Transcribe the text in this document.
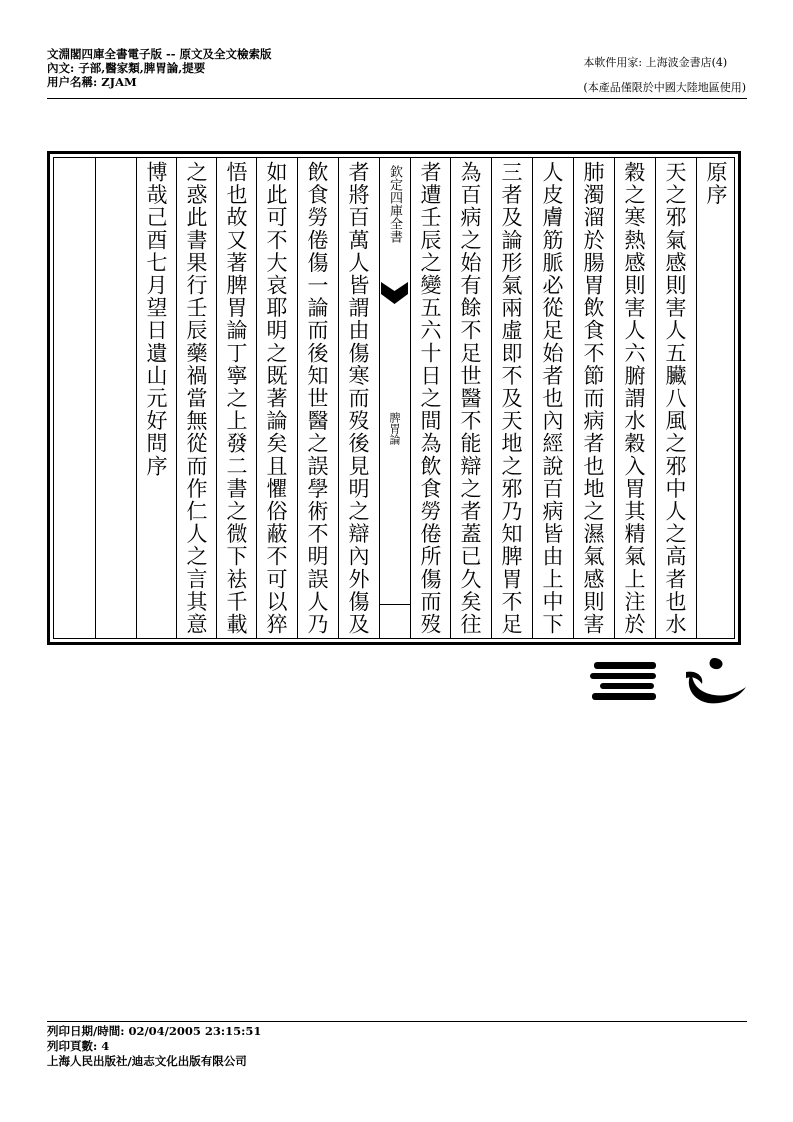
文淵閣四庫全書電子版 -- 原文及全文檢索版
內文: 子部,醫家類,脾胃論,提要
用户名稱: ZJAM
本軟件用家: 上海波金書店(4)
(本產品僅限於中國大陸地區使用)
原序
天之邪氣感則害人五臟八風之邪中人之高者也水
穀之寒熱感則害人六腑謂水穀入胃其精氣上注於
肺濁溜於腸胃飲食不節而病者也地之濕氣感則害
人皮膚筋脈必從足始者也內經說百病皆由上中下
三者及論形氣兩虛即不及天地之邪乃知脾胃不足
為百病之始有餘不足世醫不能辯之者蓋已久矣往
者遭壬辰之變五六十日之間為飲食勞倦所傷而歿
欽定四庫全書
脾胃論
者將百萬人皆謂由傷寒而歿後見明之辯內外傷及
飲食勞倦傷一論而後知世醫之誤學術不明誤人乃
如此可不大哀耶明之既著論矣且懼俗蔽不可以猝
悟也故又著脾胃論丁寧之上發二書之微下袪千載
之惑此書果行壬辰藥禍當無從而作仁人之言其意
博哉己酉七月望日遺山元好問序
列印日期/時間: 02/04/2005 23:15:51
列印頁數: 4
上海人民出版社/迪志文化出版有限公司
